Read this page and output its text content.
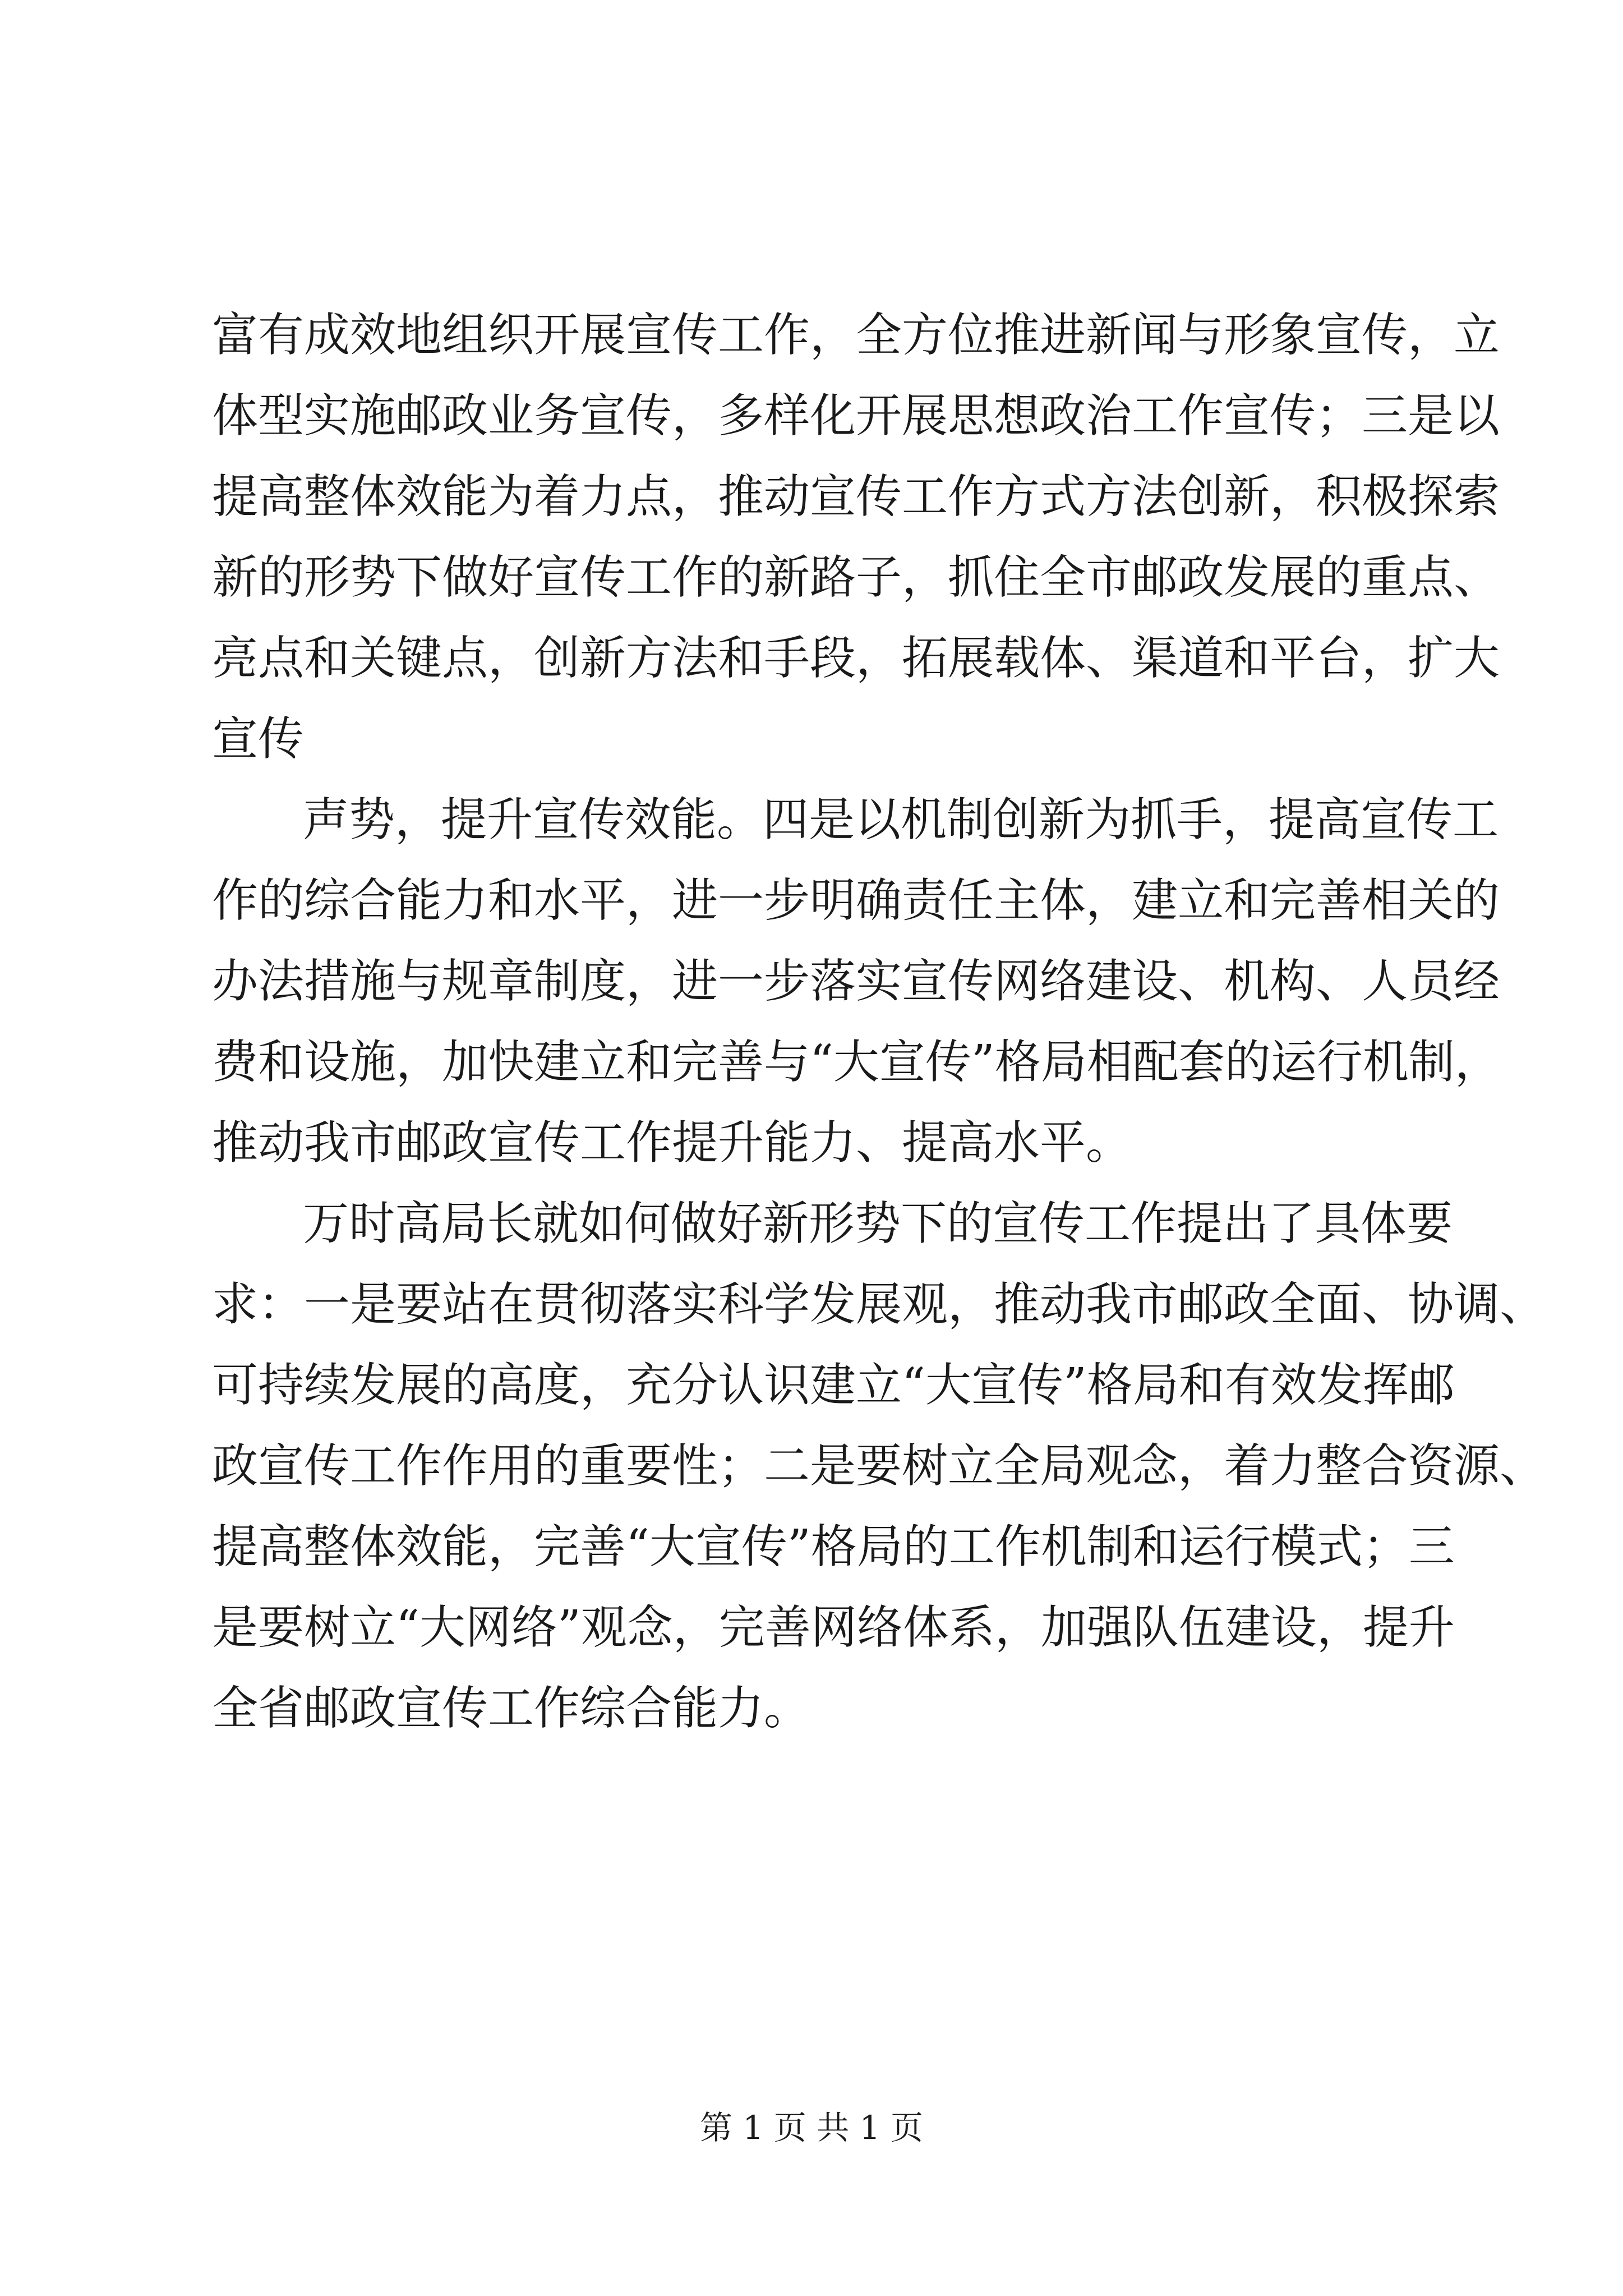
富有成效地组织开展宣传工作，全方位推进新闻与形象宣传，立
体型实施邮政业务宣传，多样化开展思想政治工作宣传；三是以
提高整体效能为着力点，推动宣传工作方式方法创新，积极探索
新的形势下做好宣传工作的新路子，抓住全市邮政发展的重点、
亮点和关键点，创新方法和手段，拓展载体、渠道和平台，扩大
宣传
声势，提升宣传效能。四是以机制创新为抓手，提高宣传工
作的综合能力和水平，进一步明确责任主体，建立和完善相关的
办法措施与规章制度，进一步落实宣传网络建设、机构、人员经
费和设施，加快建立和完善与“大宣传”格局相配套的运行机制，
推动我市邮政宣传工作提升能力、提高水平。
万时高局长就如何做好新形势下的宣传工作提出了具体要
求：一是要站在贯彻落实科学发展观，推动我市邮政全面、协调、
可持续发展的高度，充分认识建立“大宣传”格局和有效发挥邮
政宣传工作作用的重要性；二是要树立全局观念，着力整合资源、
提高整体效能，完善“大宣传”格局的工作机制和运行模式；三
是要树立“大网络”观念，完善网络体系，加强队伍建设，提升
全省邮政宣传工作综合能力。
第 1 页 共 1 页
